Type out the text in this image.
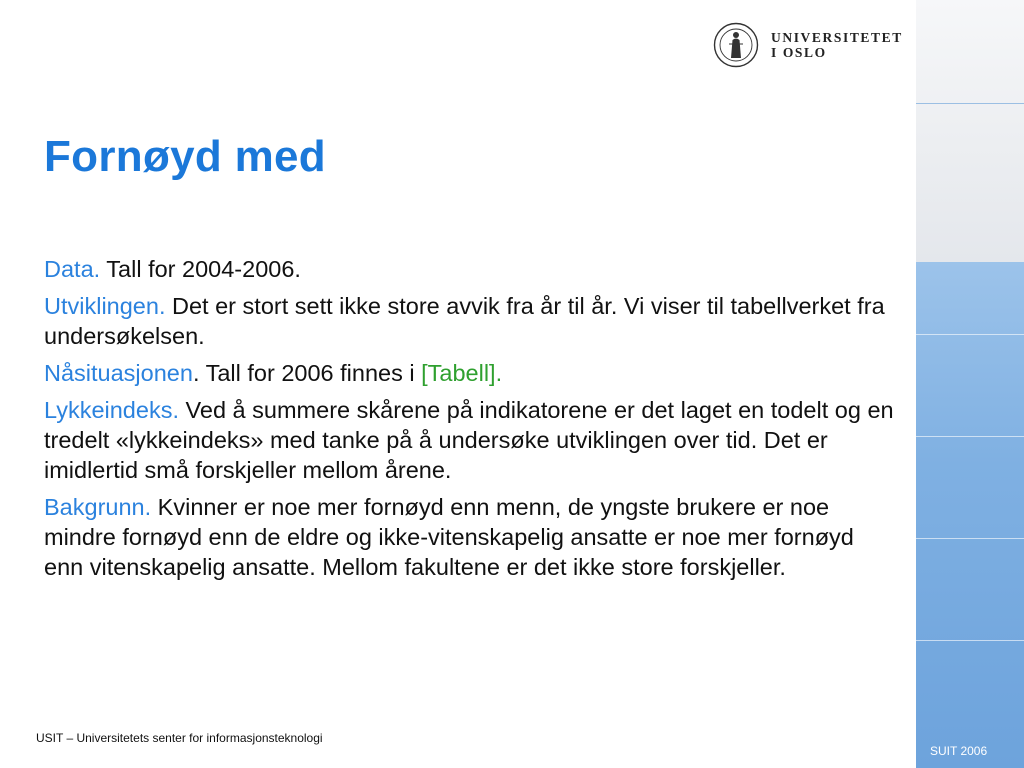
UNIVERSITETET
I OSLO
Fornøyd med

Data. Tall for 2004-2006.

Utviklingen. Det er stort sett ikke store avvik fra år til år. Vi viser til tabellverket fra undersøkelsen.

Nåsituasjonen. Tall for 2006 finnes i [Tabell].

Lykkeindeks. Ved å summere skårene på indikatorene er det laget en todelt og en tredelt «lykkeindeks» med tanke på å undersøke utviklingen over tid. Det er imidlertid små forskjeller mellom årene.

Bakgrunn. Kvinner er noe mer fornøyd enn menn, de yngste brukere er noe mindre fornøyd enn de eldre og ikke-vitenskapelig ansatte er noe mer fornøyd enn vitenskapelig ansatte. Mellom fakultene er det ikke store forskjeller.

USIT – Universitetets senter for informasjonsteknologi
SUIT 2006
